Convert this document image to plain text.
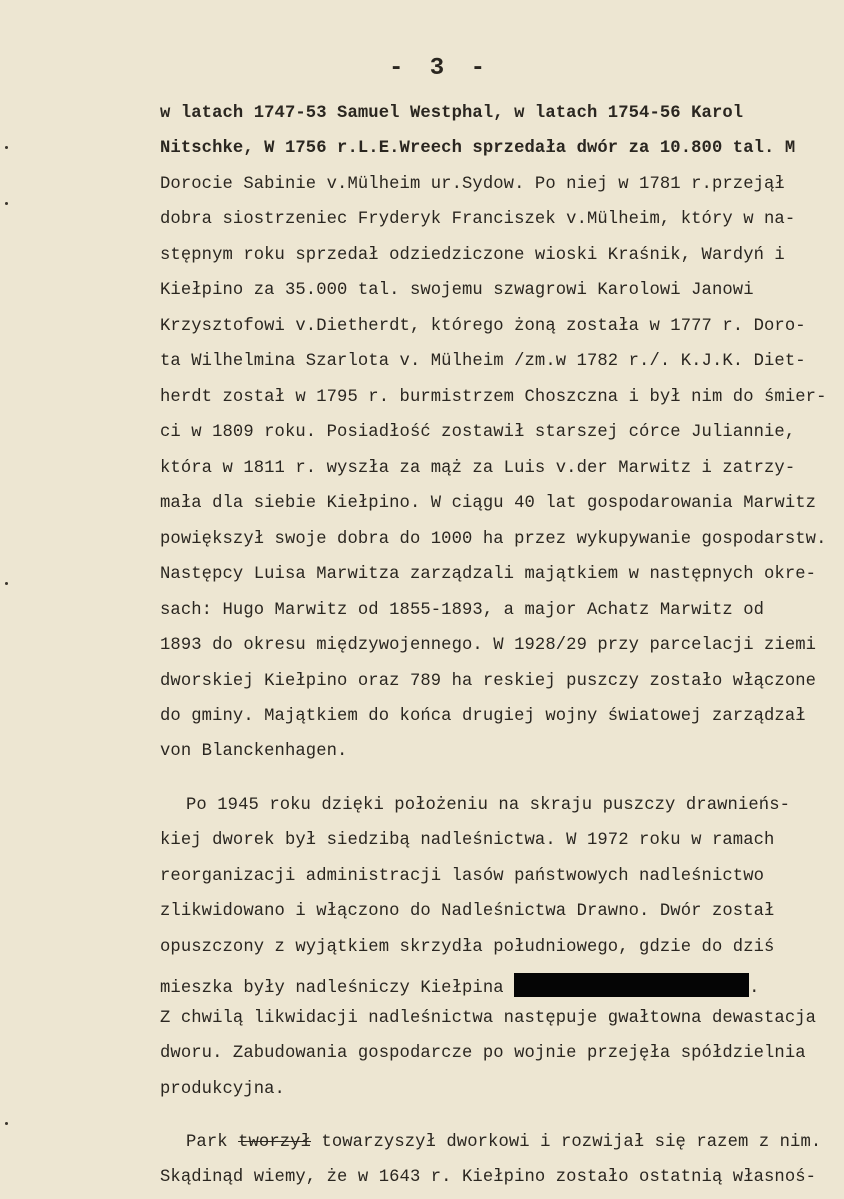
- 3 -
w latach 1747-53 Samuel Westphal, w latach 1754-56 Karol
Nitschke, W 1756 r.L.E.Wreech sprzedała dwór za 10.800 tal. M
Dorocie Sabinie v.Mülheim ur.Sydow. Po niej w 1781 r.przejął
dobra siostrzeniec Fryderyk Franciszek v.Mülheim, który w na-
stępnym roku sprzedał odziedziczone wioski Kraśnik, Wardyń i
Kiełpino za 35.000 tal. swojemu szwagrowi Karolowi Janowi
Krzysztofowi v.Dietherdt, którego żoną została w 1777 r. Doro-
ta Wilhelmina Szarlota v. Mülheim /zm.w 1782 r./. K.J.K. Diet-
herdt został w 1795 r. burmistrzem Choszczna i był nim do śmier-
ci w 1809 roku. Posiadłość zostawił starszej córce Juliannie,
która w 1811 r. wyszła za mąż za Luis v.der Marwitz i zatrzy-
mała dla siebie Kiełpino. W ciągu 40 lat gospodarowania Marwitz
powiększył swoje dobra do 1000 ha przez wykupywanie gospodarstw.
Następcy Luisa Marwitza zarządzali majątkiem w następnych okre-
sach: Hugo Marwitz od 1855-1893, a major Achatz Marwitz od
1893 do okresu międzywojennego. W 1928/29 przy parcelacji ziemi
dworskiej Kiełpino oraz 789 ha reskiej puszczy zostało włączone
do gminy. Majątkiem do końca drugiej wojny światowej zarządzał
von Blanckenhagen.
Po 1945 roku dzięki położeniu na skraju puszczy drawnieńs-
kiej dworek był siedzibą nadleśnictwa. W 1972 roku w ramach
reorganizacji administracji lasów państwowych nadleśnictwo
zlikwidowano i włączono do Nadleśnictwa Drawno. Dwór został
opuszczony z wyjątkiem skrzydła południowego, gdzie do dziś
mieszka były nadleśniczy Kiełpina	.
Z chwilą likwidacji nadleśnictwa następuje gwałtowna dewastacja
dworu. Zabudowania gospodarcze po wojnie przejęła spółdzielnia
produkcyjna.
Park tworzył towarzyszył dworkowi i rozwijał się razem z nim.
Skądinąd wiemy, że w 1643 r. Kiełpino zostało ostatnią własnoś-
